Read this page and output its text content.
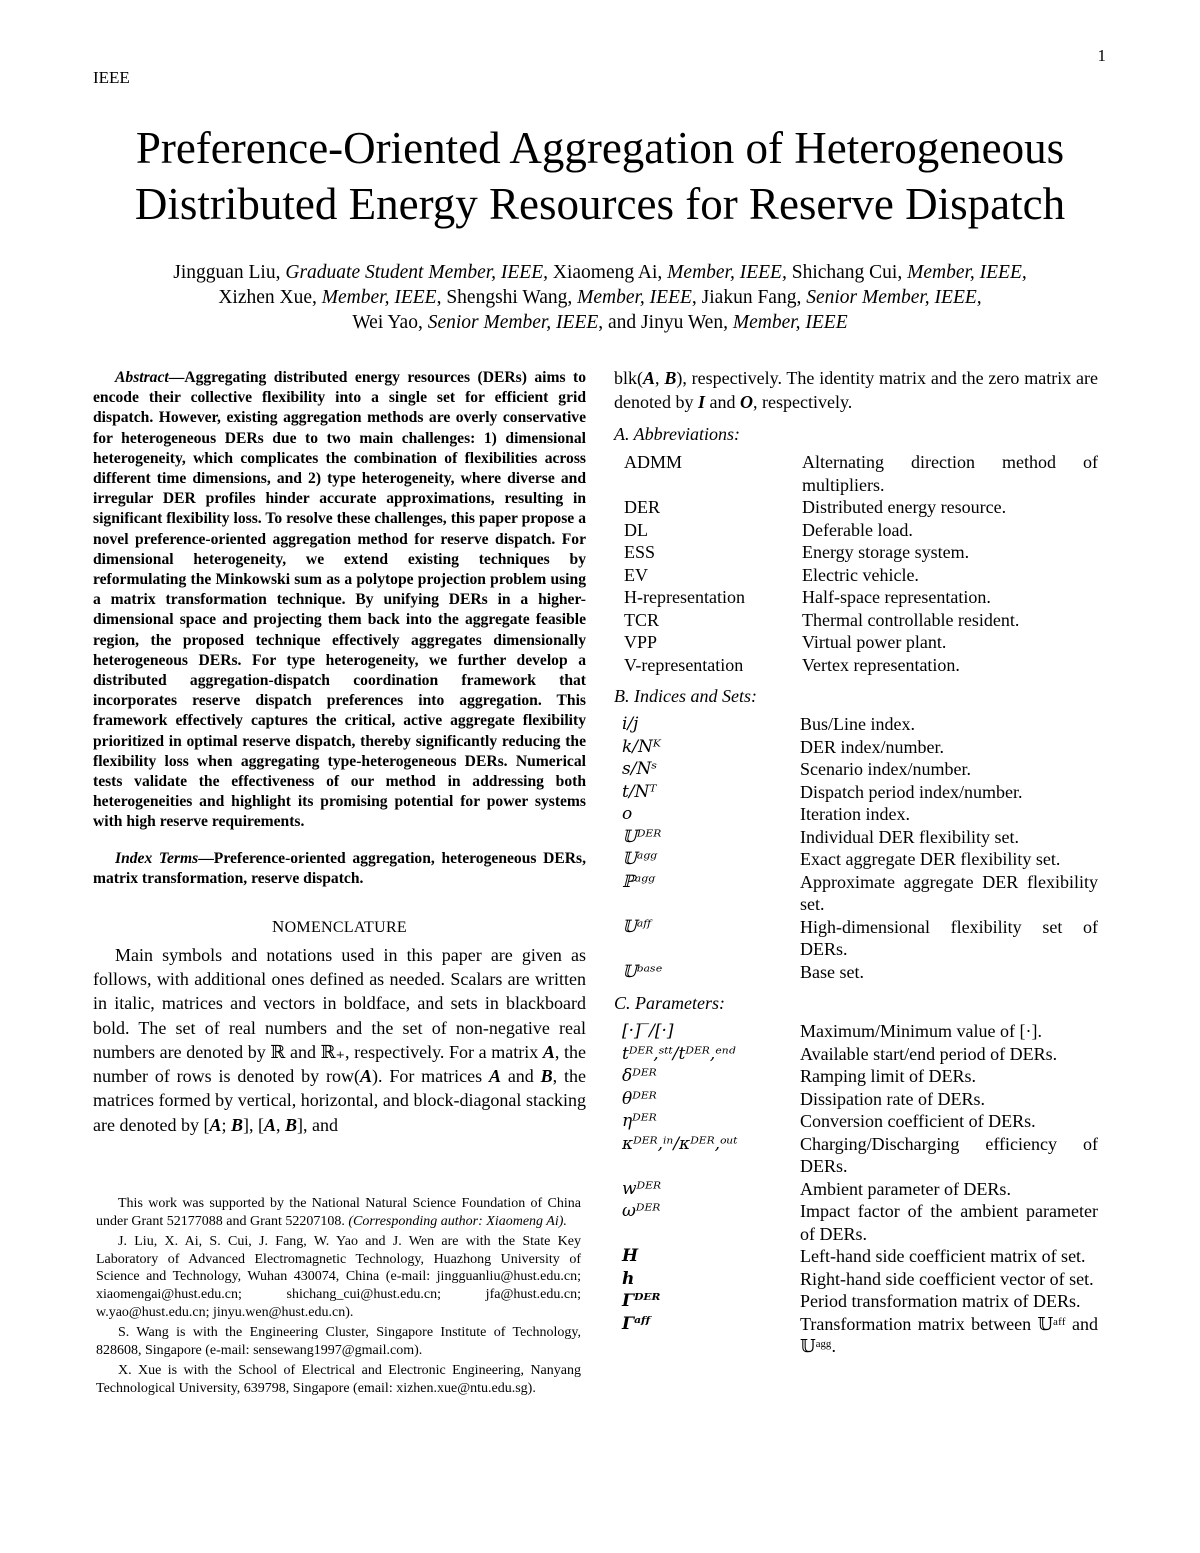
1
IEEE
Preference-Oriented Aggregation of Heterogeneous
Distributed Energy Resources for Reserve Dispatch
Jingguan Liu, Graduate Student Member, IEEE, Xiaomeng Ai, Member, IEEE, Shichang Cui, Member, IEEE,
Xizhen Xue, Member, IEEE, Shengshi Wang, Member, IEEE, Jiakun Fang, Senior Member, IEEE,
Wei Yao, Senior Member, IEEE, and Jinyu Wen, Member, IEEE

Abstract—Aggregating distributed energy resources (DERs) aims to encode their collective flexibility into a single set for efficient grid dispatch. However, existing aggregation methods are overly conservative for heterogeneous DERs due to two main challenges: 1) dimensional heterogeneity, which complicates the combination of flexibilities across different time dimensions, and 2) type heterogeneity, where diverse and irregular DER profiles hinder accurate approximations, resulting in significant flexibility loss. To resolve these challenges, this paper propose a novel preference-oriented aggregation method for reserve dispatch. For dimensional heterogeneity, we extend existing techniques by reformulating the Minkowski sum as a polytope projection problem using a matrix transformation technique. By unifying DERs in a higher-dimensional space and projecting them back into the aggregate feasible region, the proposed technique effectively aggregates dimensionally heterogeneous DERs. For type heterogeneity, we further develop a distributed aggregation-dispatch coordination framework that incorporates reserve dispatch preferences into aggregation. This framework effectively captures the critical, active aggregate flexibility prioritized in optimal reserve dispatch, thereby significantly reducing the flexibility loss when aggregating type-heterogeneous DERs. Numerical tests validate the effectiveness of our method in addressing both heterogeneities and highlight its promising potential for power systems with high reserve requirements.

Index Terms—Preference-oriented aggregation, heterogeneous DERs, matrix transformation, reserve dispatch.

NOMENCLATURE

Main symbols and notations used in this paper are given as follows, with additional ones defined as needed. Scalars are written in italic, matrices and vectors in boldface, and sets in blackboard bold. The set of real numbers and the set of non-negative real numbers are denoted by ℝ and ℝ₊, respectively. For a matrix A, the number of rows is denoted by row(A). For matrices A and B, the matrices formed by vertical, horizontal, and block-diagonal stacking are denoted by [A; B], [A, B], and

This work was supported by the National Natural Science Foundation of China under Grant 52177088 and Grant 52207108. (Corresponding author: Xiaomeng Ai).

J. Liu, X. Ai, S. Cui, J. Fang, W. Yao and J. Wen are with the State Key Laboratory of Advanced Electromagnetic Technology, Huazhong University of Science and Technology, Wuhan 430074, China (e-mail: jingguanliu@hust.edu.cn; xiaomengai@hust.edu.cn; shichang_cui@hust.edu.cn; jfa@hust.edu.cn; w.yao@hust.edu.cn; jinyu.wen@hust.edu.cn).

S. Wang is with the Engineering Cluster, Singapore Institute of Technology, 828608, Singapore (e-mail: sensewang1997@gmail.com).

X. Xue is with the School of Electrical and Electronic Engineering, Nanyang Technological University, 639798, Singapore (email: xizhen.xue@ntu.edu.sg).

blk(A, B), respectively. The identity matrix and the zero matrix are denoted by I and O, respectively.

A. Abbreviations:
ADMM	Alternating direction method of multipliers.
DER	Distributed energy resource.
DL	Deferable load.
ESS	Energy storage system.
EV	Electric vehicle.
H-representation	Half-space representation.
TCR	Thermal controllable resident.
VPP	Virtual power plant.
V-representation	Vertex representation.
B. Indices and Sets:
i/j	Bus/Line index.
k/Nᴷ	DER index/number.
s/Nˢ	Scenario index/number.
t/Nᵀ	Dispatch period index/number.
o	Iteration index.
𝕌ᴰᴱᴿ	Individual DER flexibility set.
𝕌ᵃᵍᵍ	Exact aggregate DER flexibility set.
ℙᵃᵍᵍ	Approximate aggregate DER flexibility set.
𝕌ᵃᶠᶠ	High-dimensional flexibility set of DERs.
𝕌ᵇᵃˢᵉ	Base set.
C. Parameters:
[·]‾/[·]	Maximum/Minimum value of [·].
tᴰᴱᴿ,ˢᵗᵗ/tᴰᴱᴿ,ᵉⁿᵈ	Available start/end period of DERs.
δᴰᴱᴿ	Ramping limit of DERs.
θᴰᴱᴿ	Dissipation rate of DERs.
ηᴰᴱᴿ	Conversion coefficient of DERs.
κᴰᴱᴿ,ⁱⁿ/κᴰᴱᴿ,ᵒᵘᵗ	Charging/Discharging efficiency of DERs.
wᴰᴱᴿ	Ambient parameter of DERs.
ωᴰᴱᴿ	Impact factor of the ambient parameter of DERs.
H	Left-hand side coefficient matrix of set.
h	Right-hand side coefficient vector of set.
Γᴰᴱᴿ	Period transformation matrix of DERs.
Γᵃᶠᶠ	Transformation matrix between 𝕌ᵃᶠᶠ and 𝕌ᵃᵍᵍ.
